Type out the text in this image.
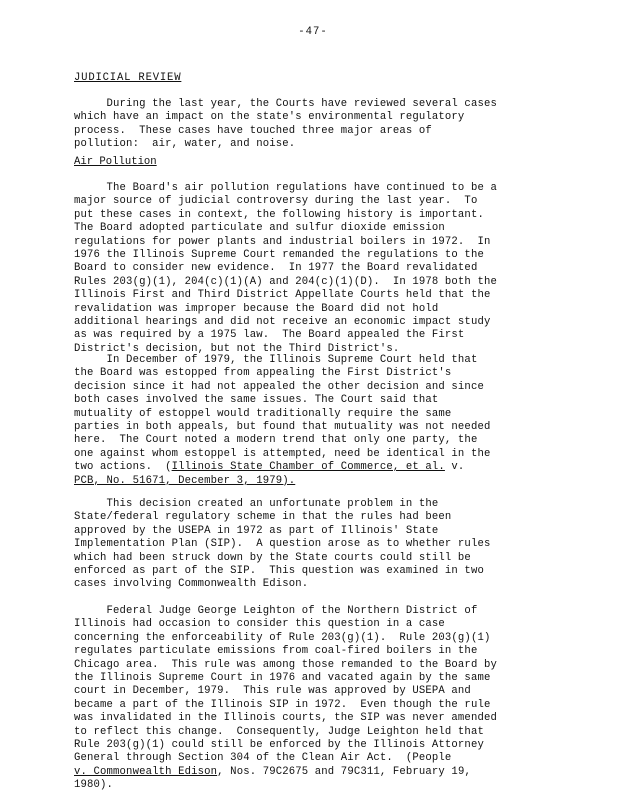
-47-
JUDICIAL REVIEW
During the last year, the Courts have reviewed several cases
which have an impact on the state's environmental regulatory
process.  These cases have touched three major areas of
pollution:  air, water, and noise.
Air Pollution
The Board's air pollution regulations have continued to be a
major source of judicial controversy during the last year.  To
put these cases in context, the following history is important.
The Board adopted particulate and sulfur dioxide emission
regulations for power plants and industrial boilers in 1972.  In
1976 the Illinois Supreme Court remanded the regulations to the
Board to consider new evidence.  In 1977 the Board revalidated
Rules 203(g)(1), 204(c)(1)(A) and 204(c)(1)(D).  In 1978 both the
Illinois First and Third District Appellate Courts held that the
revalidation was improper because the Board did not hold
additional hearings and did not receive an economic impact study
as was required by a 1975 law.  The Board appealed the First
District's decision, but not the Third District's.
In December of 1979, the Illinois Supreme Court held that
the Board was estopped from appealing the First District's
decision since it had not appealed the other decision and since
both cases involved the same issues. The Court said that
mutuality of estoppel would traditionally require the same
parties in both appeals, but found that mutuality was not needed
here.  The Court noted a modern trend that only one party, the
one against whom estoppel is attempted, need be identical in the
two actions.  (Illinois State Chamber of Commerce, et al. v.
PCB, No. 51671, December 3, 1979).
This decision created an unfortunate problem in the
State/federal regulatory scheme in that the rules had been
approved by the USEPA in 1972 as part of Illinois' State
Implementation Plan (SIP).  A question arose as to whether rules
which had been struck down by the State courts could still be
enforced as part of the SIP.  This question was examined in two
cases involving Commonwealth Edison.
Federal Judge George Leighton of the Northern District of
Illinois had occasion to consider this question in a case
concerning the enforceability of Rule 203(g)(1).  Rule 203(g)(1)
regulates particulate emissions from coal-fired boilers in the
Chicago area.  This rule was among those remanded to the Board by
the Illinois Supreme Court in 1976 and vacated again by the same
court in December, 1979.  This rule was approved by USEPA and
became a part of the Illinois SIP in 1972.  Even though the rule
was invalidated in the Illinois courts, the SIP was never amended
to reflect this change.  Consequently, Judge Leighton held that
Rule 203(g)(1) could still be enforced by the Illinois Attorney
General through Section 304 of the Clean Air Act.  (People
v. Commonwealth Edison, Nos. 79C2675 and 79C311, February 19,
1980).
